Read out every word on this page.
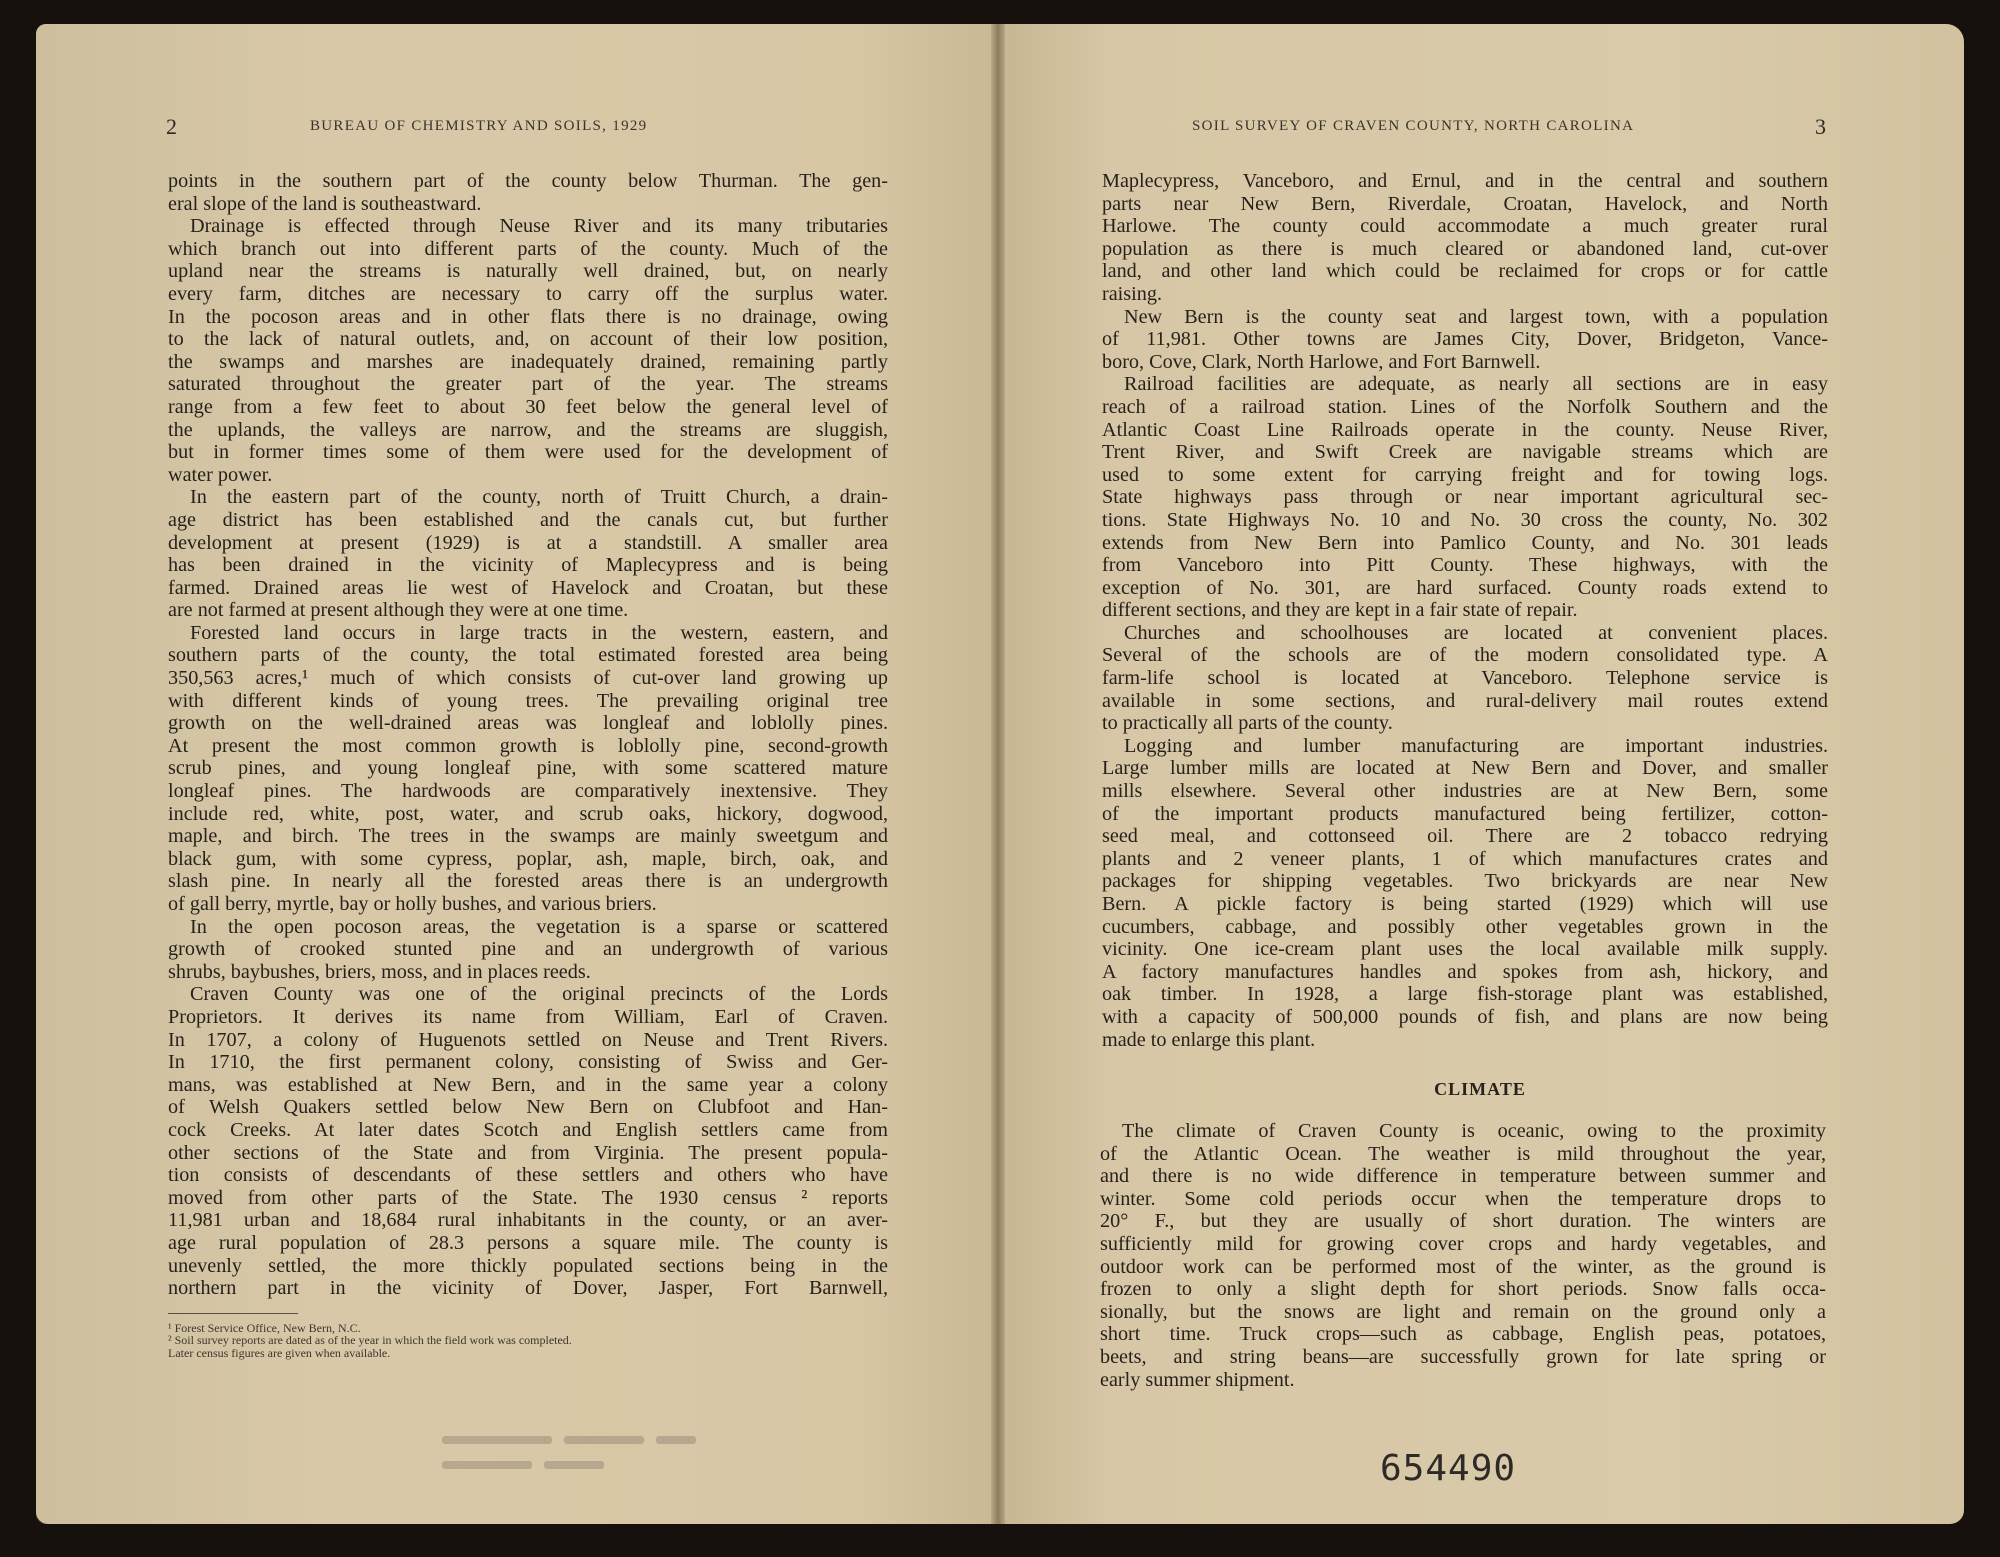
2	BUREAU OF CHEMISTRY AND SOILS, 1929	SOIL SURVEY OF CRAVEN COUNTY, NORTH CAROLINA	3
points in the southern part of the county below Thurman. The gen-
eral slope of the land is southeastward.
Drainage is effected through Neuse River and its many tributaries
which branch out into different parts of the county. Much of the
upland near the streams is naturally well drained, but, on nearly
every farm, ditches are necessary to carry off the surplus water.
In the pocoson areas and in other flats there is no drainage, owing
to the lack of natural outlets, and, on account of their low position,
the swamps and marshes are inadequately drained, remaining partly
saturated throughout the greater part of the year. The streams
range from a few feet to about 30 feet below the general level of
the uplands, the valleys are narrow, and the streams are sluggish,
but in former times some of them were used for the development of
water power.
In the eastern part of the county, north of Truitt Church, a drain-
age district has been established and the canals cut, but further
development at present (1929) is at a standstill. A smaller area
has been drained in the vicinity of Maplecypress and is being
farmed. Drained areas lie west of Havelock and Croatan, but these
are not farmed at present although they were at one time.
Forested land occurs in large tracts in the western, eastern, and
southern parts of the county, the total estimated forested area being
350,563 acres,¹ much of which consists of cut-over land growing up
with different kinds of young trees. The prevailing original tree
growth on the well-drained areas was longleaf and loblolly pines.
At present the most common growth is loblolly pine, second-growth
scrub pines, and young longleaf pine, with some scattered mature
longleaf pines. The hardwoods are comparatively inextensive. They
include red, white, post, water, and scrub oaks, hickory, dogwood,
maple, and birch. The trees in the swamps are mainly sweetgum and
black gum, with some cypress, poplar, ash, maple, birch, oak, and
slash pine. In nearly all the forested areas there is an undergrowth
of gall berry, myrtle, bay or holly bushes, and various briers.
In the open pocoson areas, the vegetation is a sparse or scattered
growth of crooked stunted pine and an undergrowth of various
shrubs, baybushes, briers, moss, and in places reeds.
Craven County was one of the original precincts of the Lords
Proprietors. It derives its name from William, Earl of Craven.
In 1707, a colony of Huguenots settled on Neuse and Trent Rivers.
In 1710, the first permanent colony, consisting of Swiss and Ger-
mans, was established at New Bern, and in the same year a colony
of Welsh Quakers settled below New Bern on Clubfoot and Han-
cock Creeks. At later dates Scotch and English settlers came from
other sections of the State and from Virginia. The present popula-
tion consists of descendants of these settlers and others who have
moved from other parts of the State. The 1930 census ² reports
11,981 urban and 18,684 rural inhabitants in the county, or an aver-
age rural population of 28.3 persons a square mile. The county is
unevenly settled, the more thickly populated sections being in the
northern part in the vicinity of Dover, Jasper, Fort Barnwell,
¹ Forest Service Office, New Bern, N.C.
² Soil survey reports are dated as of the year in which the field work was completed.
Later census figures are given when available.
Maplecypress, Vanceboro, and Ernul, and in the central and southern
parts near New Bern, Riverdale, Croatan, Havelock, and North
Harlowe. The county could accommodate a much greater rural
population as there is much cleared or abandoned land, cut-over
land, and other land which could be reclaimed for crops or for cattle
raising.
New Bern is the county seat and largest town, with a population
of 11,981. Other towns are James City, Dover, Bridgeton, Vance-
boro, Cove, Clark, North Harlowe, and Fort Barnwell.
Railroad facilities are adequate, as nearly all sections are in easy
reach of a railroad station. Lines of the Norfolk Southern and the
Atlantic Coast Line Railroads operate in the county. Neuse River,
Trent River, and Swift Creek are navigable streams which are
used to some extent for carrying freight and for towing logs.
State highways pass through or near important agricultural sec-
tions. State Highways No. 10 and No. 30 cross the county, No. 302
extends from New Bern into Pamlico County, and No. 301 leads
from Vanceboro into Pitt County. These highways, with the
exception of No. 301, are hard surfaced. County roads extend to
different sections, and they are kept in a fair state of repair.
Churches and schoolhouses are located at convenient places.
Several of the schools are of the modern consolidated type. A
farm-life school is located at Vanceboro. Telephone service is
available in some sections, and rural-delivery mail routes extend
to practically all parts of the county.
Logging and lumber manufacturing are important industries.
Large lumber mills are located at New Bern and Dover, and smaller
mills elsewhere. Several other industries are at New Bern, some
of the important products manufactured being fertilizer, cotton-
seed meal, and cottonseed oil. There are 2 tobacco redrying
plants and 2 veneer plants, 1 of which manufactures crates and
packages for shipping vegetables. Two brickyards are near New
Bern. A pickle factory is being started (1929) which will use
cucumbers, cabbage, and possibly other vegetables grown in the
vicinity. One ice-cream plant uses the local available milk supply.
A factory manufactures handles and spokes from ash, hickory, and
oak timber. In 1928, a large fish-storage plant was established,
with a capacity of 500,000 pounds of fish, and plans are now being
made to enlarge this plant.
CLIMATE
The climate of Craven County is oceanic, owing to the proximity
of the Atlantic Ocean. The weather is mild throughout the year,
and there is no wide difference in temperature between summer and
winter. Some cold periods occur when the temperature drops to
20° F., but they are usually of short duration. The winters are
sufficiently mild for growing cover crops and hardy vegetables, and
outdoor work can be performed most of the winter, as the ground is
frozen to only a slight depth for short periods. Snow falls occa-
sionally, but the snows are light and remain on the ground only a
short time. Truck crops—such as cabbage, English peas, potatoes,
beets, and string beans—are successfully grown for late spring or
early summer shipment.

654490
